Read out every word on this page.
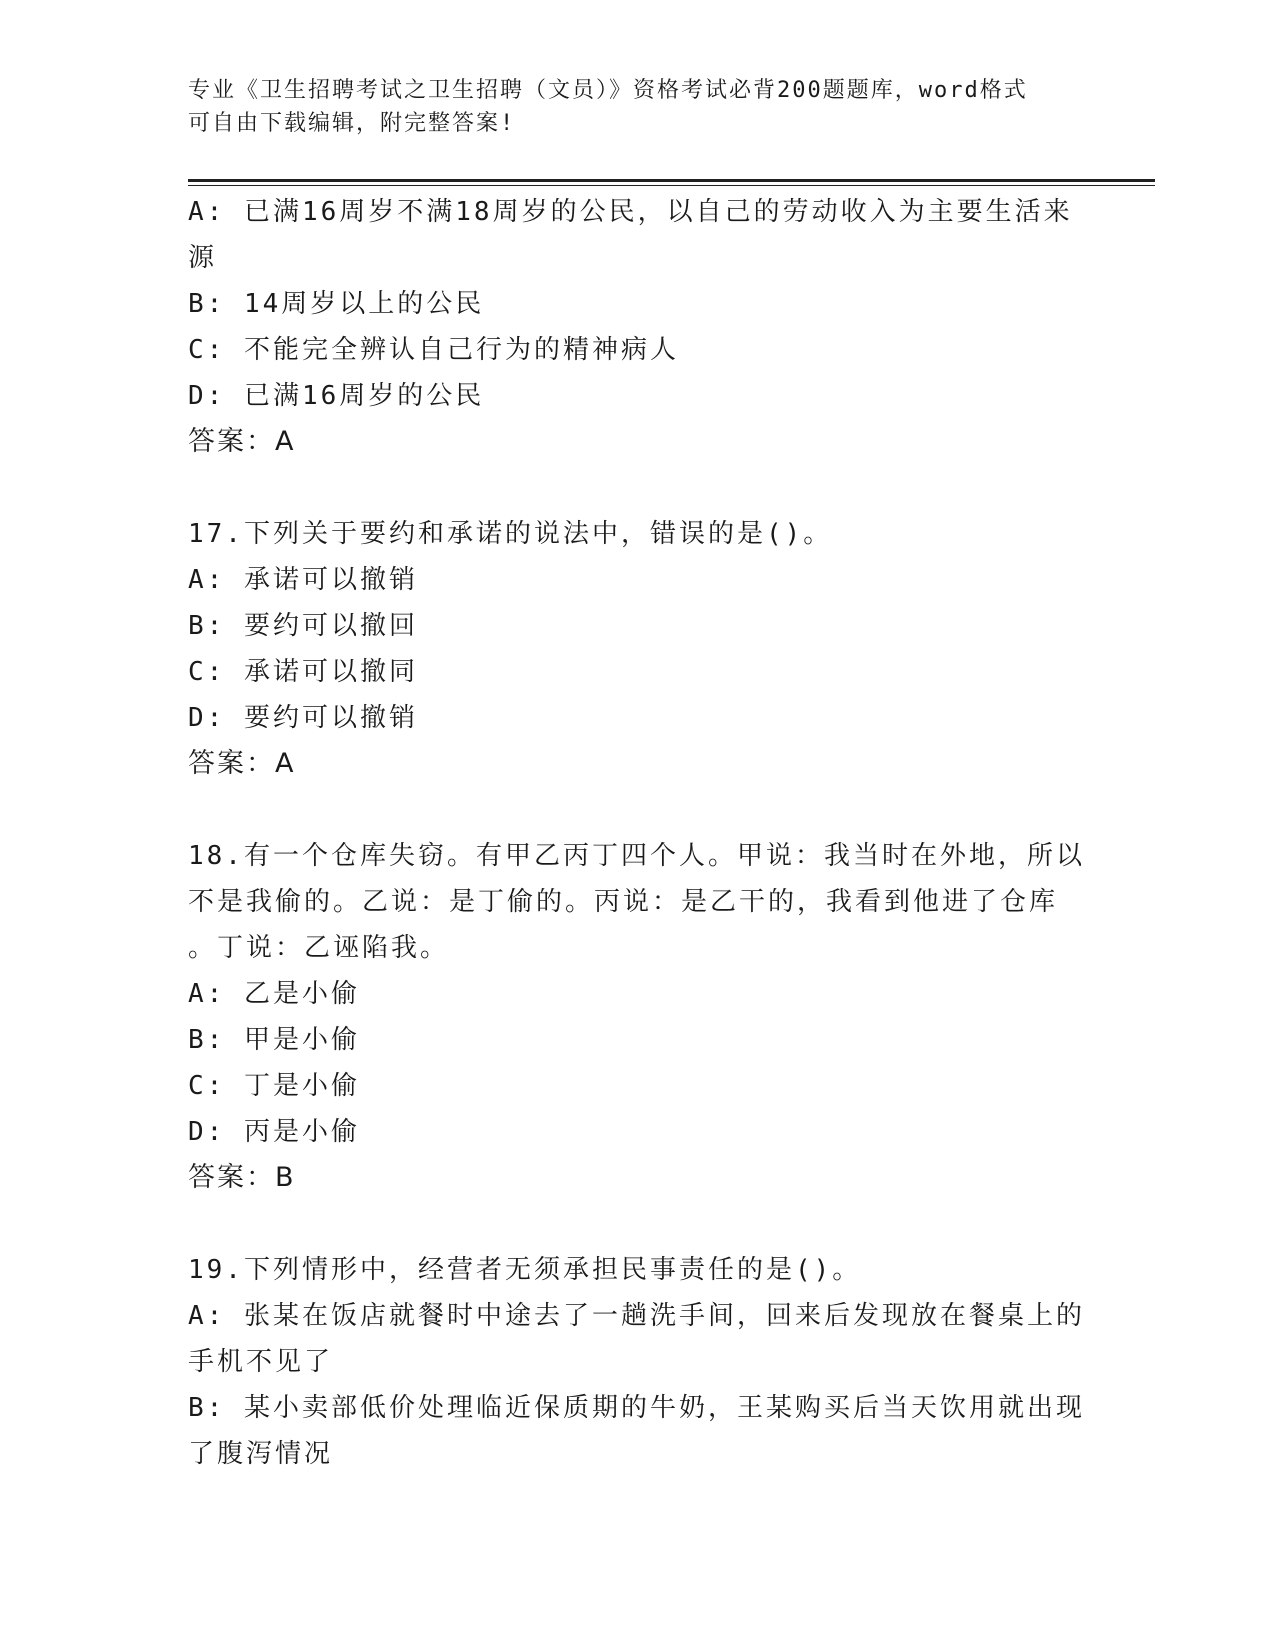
专业《卫生招聘考试之卫生招聘（文员）》资格考试必背200题题库，word格式
可自由下载编辑，附完整答案!
A: 已满16周岁不满18周岁的公民，以自己的劳动收入为主要生活来
源
B: 14周岁以上的公民
C: 不能完全辨认自己行为的精神病人
D: 已满16周岁的公民
答案：A
17.下列关于要约和承诺的说法中，错误的是()。
A: 承诺可以撤销
B: 要约可以撤回
C: 承诺可以撤同
D: 要约可以撤销
答案：A
18.有一个仓库失窃。有甲乙丙丁四个人。甲说：我当时在外地，所以
不是我偷的。乙说：是丁偷的。丙说：是乙干的，我看到他进了仓库
。丁说：乙诬陷我。
A: 乙是小偷
B: 甲是小偷
C: 丁是小偷
D: 丙是小偷
答案：B
19.下列情形中，经营者无须承担民事责任的是()。
A: 张某在饭店就餐时中途去了一趟洗手间，回来后发现放在餐桌上的
手机不见了
B: 某小卖部低价处理临近保质期的牛奶，王某购买后当天饮用就出现
了腹泻情况
